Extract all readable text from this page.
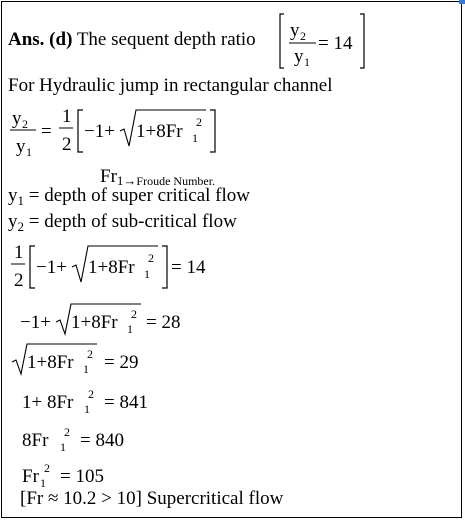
Ans. (d) The sequent depth ratio y 2
y 1
= 14
For Hydraulic jump in rectangular channel
y 2
y 1
=
1
2
−1+ 1+8Fr 1
2
Fr1→Froude Number.
$y_1$ = depth of super critical flow
$y_2$ = depth of sub-critical flow
1
2
−1+ 1+8Fr 1
2 = 14
−1+ 1+8Fr 1
2 = 28
1+8Fr 1
2 = 29
1+ 8Fr 1
2 = 841
8Fr 1
2 = 840
Fr 1
2 = 105
[Fr ≈ 10.2 > 10] Supercritical flow
